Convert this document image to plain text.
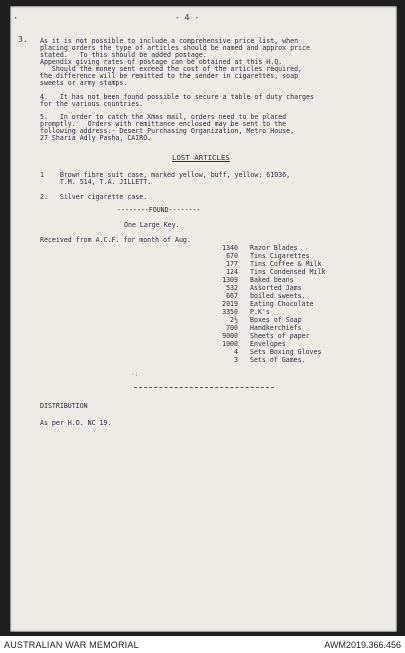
·	- 4 -
3. As it is not possible to include a comprehensive price list, when
placing orders the type of articles should be named and approx price
stated.   To this should be added postage.
Appendix giving rates of postage can be obtained at this H.Q.
Should the money sent exceed the cost of the articles required,
the difference will be remitted to the sender in cigarettes, soap
sweets or army stamps.
4.   It has not been found possible to secure a table of duty charges
for the various countries.
5.   In order to catch the Xmas mail, orders need to be placed
promptly.   Orders with remittance enclosed may be sent to the
following address:- Desert Purchasing Organization, Metro House,
27 Sharia Adly Pasha, CAIRO.
LOST ARTICLES
1    Brown fibre suit case, marked yellow, buff, yellow; 61036,
T.M. 514, T.A. JILLETT.
2.   Silver cigarette case.
--------FOUND--------
One Large Key.
Received from A.C.F. for month of Aug.
1340 Razor Blades
670 Tins Cigarettes
177 Tins Coffee & Milk
124 Tins Condensed Milk
1309 Baked beans
532 Assorted Jams
667 boiled sweets.
2019 Eating Chocolate
3350 P.K's
2½ Boxes of Soap
700 Handkerchiefs
9000 Sheets of paper
1000 Envelopes
4 Sets Boxing Gloves
3 Sets of Games.
·:
DISTRIBUTION
As per H.O. NC 19.
AUSTRALIAN WAR MEMORIAL	AWM2019.366.456
